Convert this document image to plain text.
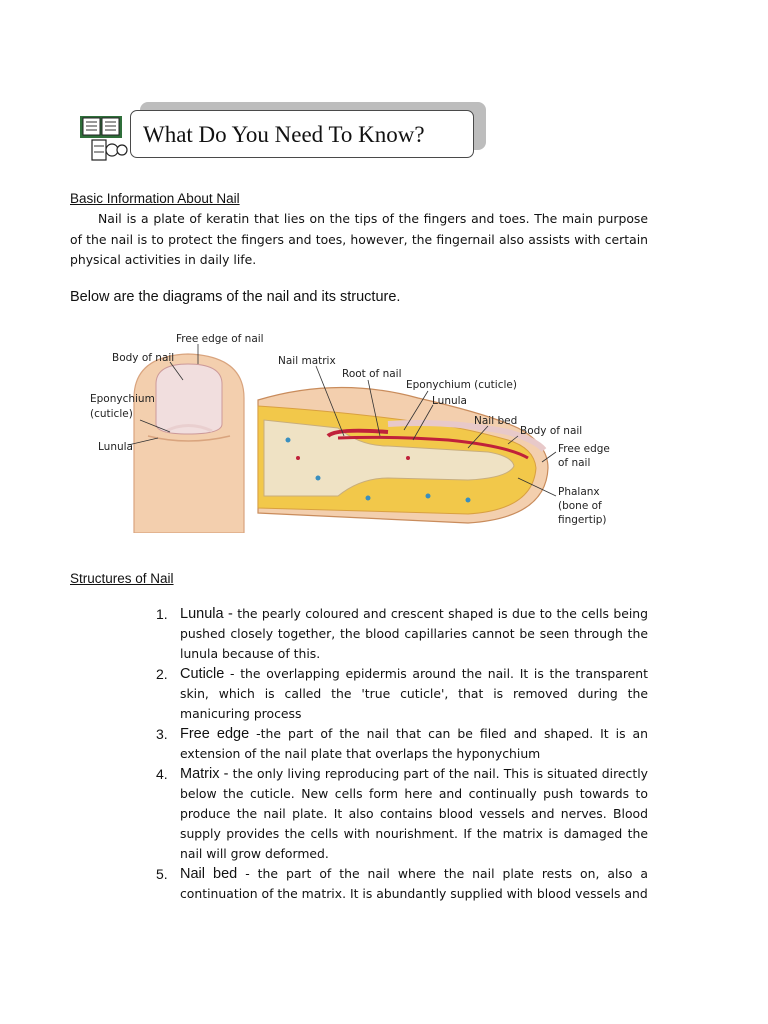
What Do You Need To Know?
Basic Information About Nail
Nail is a plate of keratin that lies on the tips of the fingers and toes. The main purpose of the nail is to protect the fingers and toes, however, the fingernail also assists with certain physical activities in daily life.
Below are the diagrams of the nail and its structure.
Free edge of nail
Body of nail
Eponychium
(cuticle)
Lunula
Nail matrix
Root of nail
Eponychium (cuticle)
Lunula
Nail bed
Body of nail
Free edge
of nail
Phalanx
(bone of
fingertip)
Structures of Nail
1. Lunula - the pearly coloured and crescent shaped is due to the cells being pushed closely together, the blood capillaries cannot be seen through the lunula because of this.
2. Cuticle - the overlapping epidermis around the nail. It is the transparent skin, which is called the 'true cuticle', that is removed during the manicuring process
3. Free edge -the part of the nail that can be filed and shaped. It is an extension of the nail plate that overlaps the hyponychium
4. Matrix - the only living reproducing part of the nail. This is situated directly below the cuticle. New cells form here and continually push towards to produce the nail plate. It also contains blood vessels and nerves. Blood supply provides the cells with nourishment. If the matrix is damaged the nail will grow deformed.
5. Nail bed - the part of the nail where the nail plate rests on, also a continuation of the matrix. It is abundantly supplied with blood vessels and
